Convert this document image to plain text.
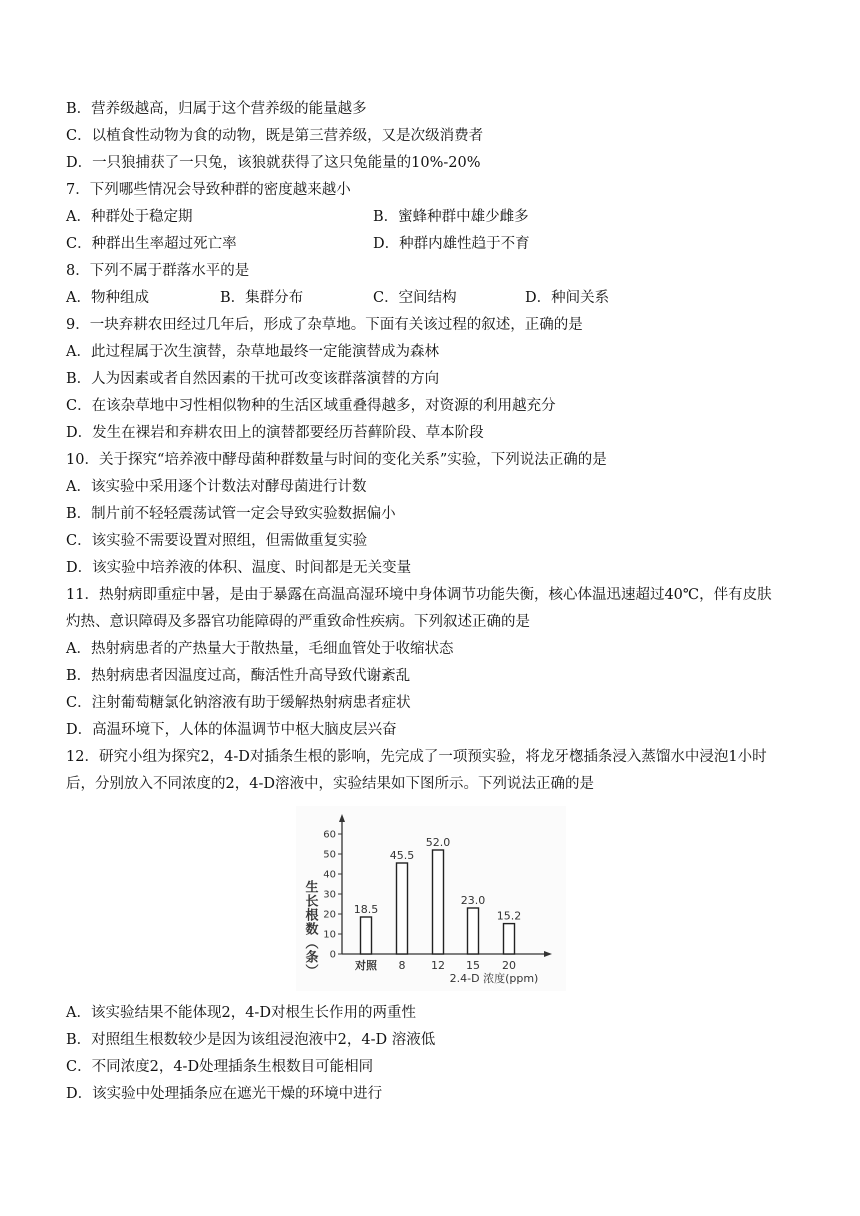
B．营养级越高，归属于这个营养级的能量越多
C．以植食性动物为食的动物，既是第三营养级，又是次级消费者
D．一只狼捕获了一只兔，该狼就获得了这只兔能量的10%-20%
7．下列哪些情况会导致种群的密度越来越小
8．下列不属于群落水平的是
9．一块弃耕农田经过几年后，形成了杂草地。下面有关该过程的叙述，正确的是
A．此过程属于次生演替，杂草地最终一定能演替成为森林
B．人为因素或者自然因素的干扰可改变该群落演替的方向
C．在该杂草地中习性相似物种的生活区域重叠得越多，对资源的利用越充分
D．发生在裸岩和弃耕农田上的演替都要经历苔藓阶段、草本阶段
10．关于探究“培养液中酵母菌种群数量与时间的变化关系”实验，下列说法正确的是
A．该实验中采用逐个计数法对酵母菌进行计数
B．制片前不轻轻震荡试管一定会导致实验数据偏小
C．该实验不需要设置对照组，但需做重复实验
D．该实验中培养液的体积、温度、时间都是无关变量
11．热射病即重症中暑，是由于暴露在高温高湿环境中身体调节功能失衡，核心体温迅速超过40℃，伴有皮肤
灼热、意识障碍及多器官功能障碍的严重致命性疾病。下列叙述正确的是
A．热射病患者的产热量大于散热量，毛细血管处于收缩状态
B．热射病患者因温度过高，酶活性升高导致代谢紊乱
C．注射葡萄糖氯化钠溶液有助于缓解热射病患者症状
D．高温环境下，人体的体温调节中枢大脑皮层兴奋
12．研究小组为探究2，4-D对插条生根的影响，先完成了一项预实验，将龙牙楤插条浸入蒸馏水中浸泡1小时
后，分别放入不同浓度的2，4-D溶液中，实验结果如下图所示。下列说法正确的是
A．种群处于稳定期	B．蜜蜂种群中雄少雌多
C．种群出生率超过死亡率	D．种群内雄性趋于不育
A．物种组成	B．集群分布	C．空间结构	D．种间关系
0
10
20
30
40
50
60
生长根数（条）	18.5
对照
45.5
8
52.0
12
23.0
15
15.2
20
2.4-D 浓度(ppm)
A．该实验结果不能体现2，4-D对根生长作用的两重性
B．对照组生根数较少是因为该组浸泡液中2，4-D 溶液低
C．不同浓度2，4-D处理插条生根数目可能相同
D．该实验中处理插条应在遮光干燥的环境中进行
